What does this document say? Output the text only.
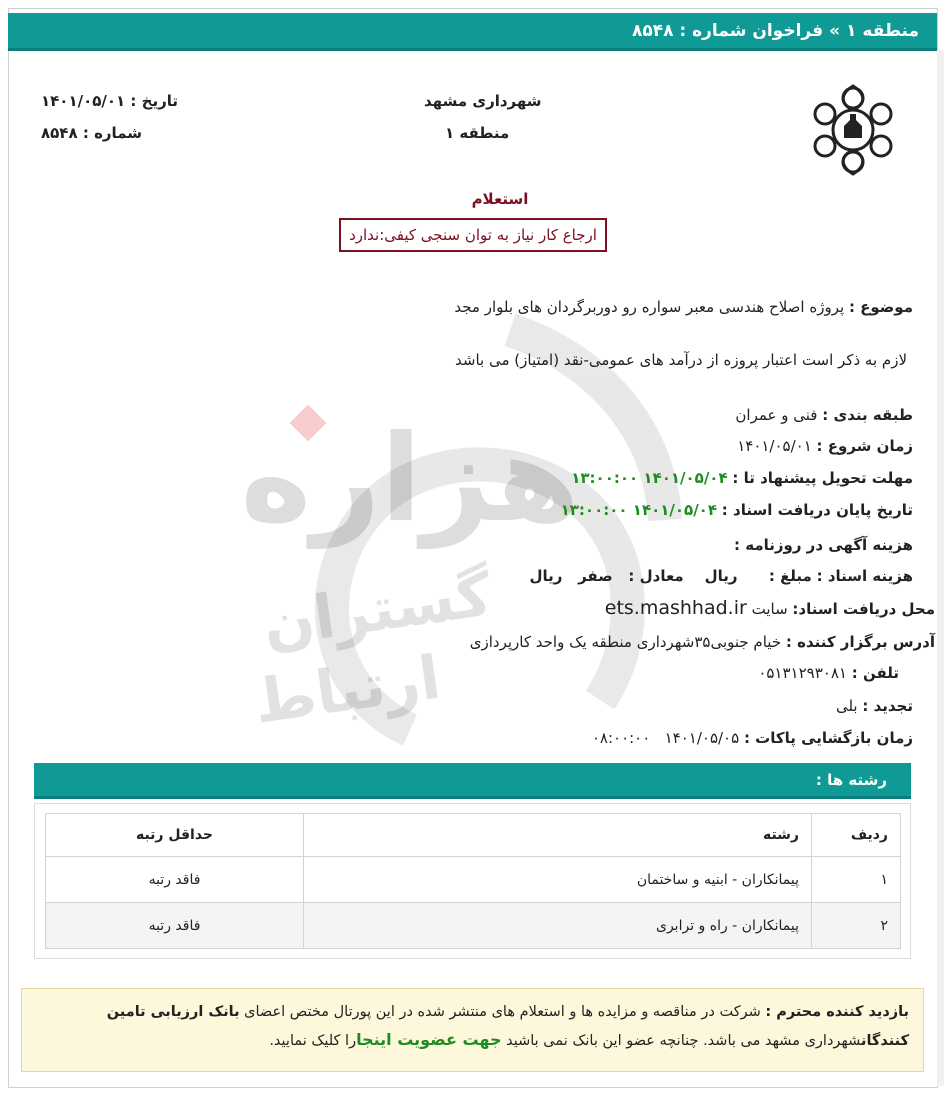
منطقه ۱
»
فراخوان شماره : ۸۵۴۸
شهرداری مشهد
منطقه ۱
تاریخ : ۱۴۰۱/۰۵/۰۱
شماره : ۸۵۴۸
استعلام
ارجاع کار نیاز به توان سنجی کیفی:ندارد
موضوع : پروژه اصلاح هندسی معبر سواره رو دوربرگردان های بلوار مجد
لازم به ذکر است اعتبار پروزه از درآمد های عمومی-نقد (امتیاز) می باشد
طبقه بندی : فنی و عمران
زمان شروع : ۱۴۰۱/۰۵/۰۱
مهلت تحویل پیشنهاد تا : ۱۴۰۱/۰۵/۰۴ ۱۳:۰۰:۰۰
تاریخ پایان دریافت اسناد : ۱۴۰۱/۰۵/۰۴ ۱۳:۰۰:۰۰
هزینه آگهی در روزنامه :
هزینه اسناد : مبلغ :      ریال    معادل :   صفر   ریال
محل دریافت اسناد: سایت ets.mashhad.ir
آدرس برگزار کننده : خیام جنوبی۳۵شهرداری منطقه یک واحد کارپردازی
تلفن : ۰۵۱۳۱۲۹۳۰۸۱
تجدید : بلی
زمان بازگشایی پاکات : ۱۴۰۱/۰۵/۰۵   ۰۸:۰۰:۰۰
رشته ها :
ردیف	رشته	حداقل رتبه
۱	پیمانکاران - ابنیه و ساختمان	فاقد رتبه
۲	پیمانکاران - راه و ترابری	فاقد رتبه
بازدید کننده محترم : شرکت در مناقصه و مزایده ها و استعلام های منتشر شده در این پورتال مختص اعضای بانک ارزیابی تامین کنندگانشهرداری مشهد می باشد. چنانچه عضو این بانک نمی باشید جهت عضویت اینجارا کلیک نمایید.
